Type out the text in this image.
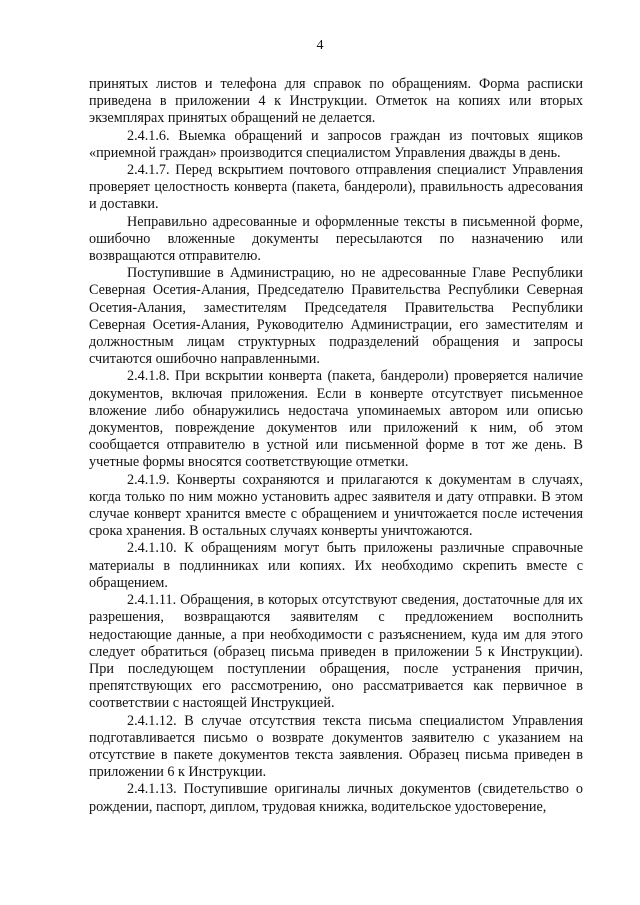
4

принятых листов и телефона для справок по обращениям. Форма расписки приведена в приложении 4 к Инструкции. Отметок на копиях или вторых экземплярах принятых обращений не делается.

2.4.1.6. Выемка обращений и запросов граждан из почтовых ящиков «приемной граждан» производится специалистом Управления дважды в день.

2.4.1.7. Перед вскрытием почтового отправления специалист Управления проверяет целостность конверта (пакета, бандероли), правильность адресования и доставки.

Неправильно адресованные и оформленные тексты в письменной форме, ошибочно вложенные документы пересылаются по назначению или возвращаются отправителю.

Поступившие в Администрацию, но не адресованные Главе Республики Северная Осетия-Алания, Председателю Правительства Республики Северная Осетия-Алания, заместителям Председателя Правительства Республики Северная Осетия-Алания, Руководителю Администрации, его заместителям и должностным лицам структурных подразделений обращения и запросы считаются ошибочно направленными.

2.4.1.8. При вскрытии конверта (пакета, бандероли) проверяется наличие документов, включая приложения. Если в конверте отсутствует письменное вложение либо обнаружились недостача упоминаемых автором или описью документов, повреждение документов или приложений к ним, об этом сообщается отправителю в устной или письменной форме в тот же день. В учетные формы вносятся соответствующие отметки.

2.4.1.9. Конверты сохраняются и прилагаются к документам в случаях, когда только по ним можно установить адрес заявителя и дату отправки. В этом случае конверт хранится вместе с обращением и уничтожается после истечения срока хранения. В остальных случаях конверты уничтожаются.

2.4.1.10. К обращениям могут быть приложены различные справочные материалы в подлинниках или копиях. Их необходимо скрепить вместе с обращением.

2.4.1.11. Обращения, в которых отсутствуют сведения, достаточные для их разрешения, возвращаются заявителям с предложением восполнить недостающие данные, а при необходимости с разъяснением, куда им для этого следует обратиться (образец письма приведен в приложении 5 к Инструкции). При последующем поступлении обращения, после устранения причин, препятствующих его рассмотрению, оно рассматривается как первичное в соответствии с настоящей Инструкцией.

2.4.1.12. В случае отсутствия текста письма специалистом Управления подготавливается письмо о возврате документов заявителю с указанием на отсутствие в пакете документов текста заявления. Образец письма приведен в приложении 6 к Инструкции.

2.4.1.13. Поступившие оригиналы личных документов (свидетельство о рождении, паспорт, диплом, трудовая книжка, водительское удостоверение,
